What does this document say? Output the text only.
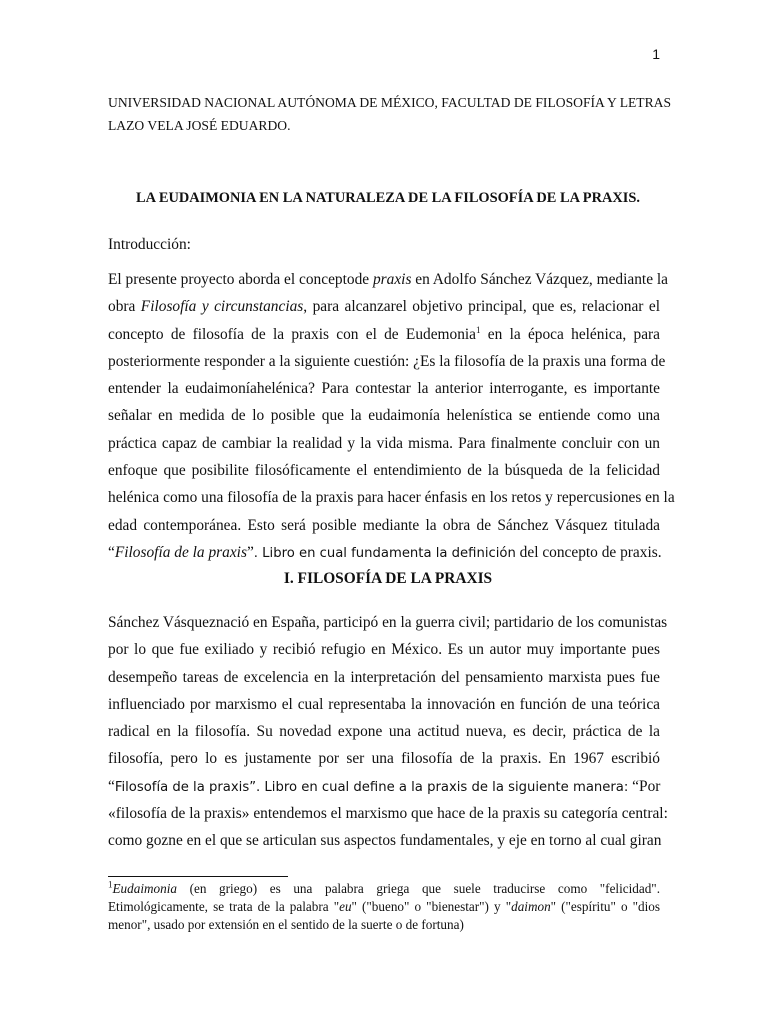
1
UNIVERSIDAD NACIONAL AUTÓNOMA DE MÉXICO, FACULTAD DE FILOSOFÍA Y LETRAS
LAZO VELA JOSÉ EDUARDO.
LA EUDAIMONIA EN LA NATURALEZA DE LA FILOSOFÍA DE LA PRAXIS.
Introducción:
El presente proyecto aborda el conceptode praxis en Adolfo Sánchez Vázquez, mediante la
obra Filosofía y circunstancias, para alcanzarel objetivo principal, que es, relacionar el
concepto de filosofía de la praxis con el de Eudemonia$^1$ en la época helénica, para
posteriormente responder a la siguiente cuestión: ¿Es la filosofía de la praxis una forma de
entender la eudaimoníahelénica? Para contestar la anterior interrogante, es importante
señalar en medida de lo posible que la eudaimonía helenística se entiende como una
práctica capaz de cambiar la realidad y la vida misma. Para finalmente concluir con un
enfoque que posibilite filosóficamente el entendimiento de la búsqueda de la felicidad
helénica como una filosofía de la praxis para hacer énfasis en los retos y repercusiones en la
edad contemporánea. Esto será posible mediante la obra de Sánchez Vásquez titulada
“Filosofía de la praxis”. Libro en cual fundamenta la definición del concepto de praxis.
I. FILOSOFÍA DE LA PRAXIS
Sánchez Vásqueznació en España, participó en la guerra civil; partidario de los comunistas
por lo que fue exiliado y recibió refugio en México. Es un autor muy importante pues
desempeño tareas de excelencia en la interpretación del pensamiento marxista pues fue
influenciado por marxismo el cual representaba la innovación en función de una teórica
radical en la filosofía. Su novedad expone una actitud nueva, es decir, práctica de la
filosofía, pero lo es justamente por ser una filosofía de la praxis. En 1967 escribió
“Filosofía de la praxis”. Libro en cual define a la praxis de la siguiente manera: “Por
«filosofía de la praxis» entendemos el marxismo que hace de la praxis su categoría central:
como gozne en el que se articulan sus aspectos fundamentales, y eje en torno al cual giran
$^1$Eudaimonia (en griego) es una palabra griega que suele traducirse como "felicidad".
Etimológicamente, se trata de la palabra "eu" ("bueno" o "bienestar") y "daimon" ("espíritu" o "dios
menor", usado por extensión en el sentido de la suerte o de fortuna)
